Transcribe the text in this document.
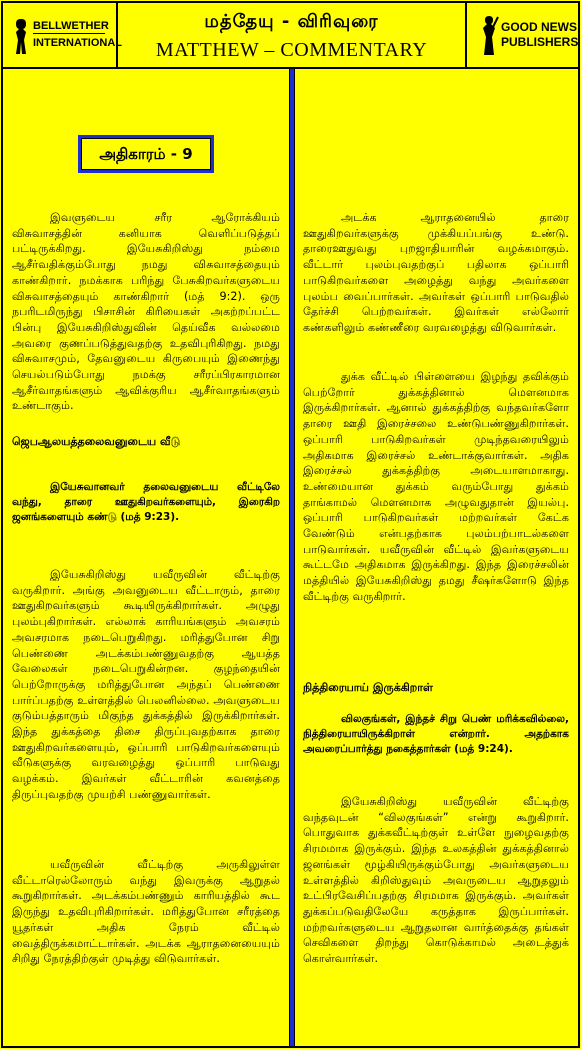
BELLWETHER
INTERNATIONAL
மத்தேயு - விரிவுரை
MATTHEW – COMMENTARY
GOOD NEWS
PUBLISHERS
அதிகாரம் - 9

இவளுடைய சரீர ஆரோக்கியம் விசுவாசத்தின் கனியாக வெளிப்படுத்தப் பட்டிருக்கிறது. இயேசுகிறிஸ்து நம்மை ஆசீர்வதிக்கும்போது நமது விசுவாசத்தையும் காண்கிறார். நமக்காக பரிந்து பேசுகிறவர்களுடைய விசுவாசத்தையும் காண்கிறார் (மத் 9:2). ஒரு நபரிடமிருந்து பிசாசின் கிரியைகள் அகற்றப்பட்ட பின்பு இயேசுகிறிஸ்துவின் தெய்வீக வல்லமை அவரை குணப்படுத்துவதற்கு உதவிபுரிகிறது. நமது விசுவாசமும், தேவனுடைய கிருபையும் இணைந்து செயல்படும்போது நமக்கு சரீரப்பிரகாரமான ஆசீர்வாதங்களும் ஆவிக்குரிய ஆசீர்வாதங்களும் உண்டாகும்.

ஜெபஆலயத்தலைவனுடைய வீடு

இயேசுவானவர் தலைவனுடைய வீட்டிலே வந்து, தாரை ஊதுகிறவர்களையும், இரைகிற ஜனங்களையும் கண்டு (மத் 9:23).

இயேசுகிறிஸ்து யவீருவின் வீட்டிற்கு வருகிறார். அங்கு அவனுடைய வீட்டாரும், தாரை ஊதுகிறவர்களும் கூடியிருக்கிறார்கள். அழுது புலம்புகிறார்கள். எல்லாக் காரியங்களும் அவசரம் அவசரமாக நடைபெறுகிறது. மரித்துபோன சிறு பெண்ணை அடக்கம்பண்ணுவதற்கு ஆயத்த வேலைகள் நடைபெறுகின்றன. குழந்தையின் பெற்றோருக்கு மரித்துபோன அந்தப் பெண்ணை பார்ப்பதற்கு உள்ளத்தில் பெலனில்லை. அவளுடைய குடும்பத்தாரும் மிகுந்த துக்கத்தில் இருக்கிறார்கள். இந்த துக்கத்தை திசை திருப்புவதற்காக தாரை ஊதுகிறவர்களையும், ஒப்பாரி பாடுகிறவர்களையும் வீடுகளுக்கு வரவழைத்து ஒப்பாரி பாடுவது வழக்கம். இவர்கள் வீட்டாரின் கவனத்தை திருப்புவதற்கு முயற்சி பண்ணுவார்கள்.

யவீருவின் வீட்டிற்கு அருகிலுள்ள வீட்டாரெல்லோரும் வந்து இவருக்கு ஆறுதல் கூறுகிறார்கள். அடக்கம்பண்ணும் காரியத்தில் கூட இருந்து உதவிபுரிகிறார்கள். மரித்துபோன சரீரத்தை யூதர்கள் அதிக நேரம் வீட்டில் வைத்திருக்கமாட்டார்கள். அடக்க ஆராதனையையும் சிறிது நேரத்திற்குள் முடித்து விடுவார்கள்.

அடக்க ஆராதனையில் தாரை ஊதுகிறவர்களுக்கு முக்கியப்பங்கு உண்டு. தாரைஊதுவது புறஜாதியாரின் வழக்கமாகும். வீட்டார் புலம்புவதற்குப் பதிலாக ஒப்பாரி பாடுகிறவர்களை அழைத்து வந்து அவர்களை புலம்ப வைப்பார்கள். அவர்கள் ஒப்பாரி பாடுவதில் தேர்ச்சி பெற்றவர்கள். இவர்கள் எல்லோர் கண்களிலும் கண்ணீரை வரவழைத்து விடுவார்கள்.

துக்க வீட்டில் பிள்ளையை இழந்து தவிக்கும் பெற்றோர் துக்கத்தினால் மௌனமாக இருக்கிறார்கள். ஆனால் துக்கத்திற்கு வந்தவர்களோ தாரை ஊதி இரைச்சலை உண்டுபண்ணுகிறார்கள். ஒப்பாரி பாடுகிறவர்கள் முடிந்தவரையிலும் அதிகமாக இரைச்சல் உண்டாக்குவார்கள். அதிக இரைச்சல் துக்கத்திற்கு அடையாளமாகாது. உண்மையான துக்கம் வரும்போது துக்கம் தாங்காமல் மௌனமாக அழுவதுதான் இயல்பு. ஒப்பாரி பாடுகிறவர்கள் மற்றவர்கள் கேட்க வேண்டும் என்பதற்காக புலம்பற்பாடல்களை பாடுவார்கள். யவீருவின் வீட்டில் இவர்களுடைய கூட்டமே அதிகமாக இருக்கிறது. இந்த இரைச்சலின் மத்தியில் இயேசுகிறிஸ்து தமது சீஷர்களோடு இந்த வீட்டிற்கு வருகிறார்.

நித்திரையாய் இருக்கிறாள்

விலகுங்கள், இந்தச் சிறு பெண் மரிக்கவில்லை, நித்திரையாயிருக்கிறாள் என்றார். அதற்காக அவரைப்பார்த்து நகைத்தார்கள் (மத் 9:24).

இயேசுகிறிஸ்து யவீருவின் வீட்டிற்கு வந்தவுடன் “விலகுங்கள்” என்று கூறுகிறார். பொதுவாக துக்கவீட்டிற்குள் உள்ளே நுழைவதற்கு சிரமமாக இருக்கும். இந்த உலகத்தின் துக்கத்தினால் ஜனங்கள் மூழ்கியிருக்கும்போது அவர்களுடைய உள்ளத்தில் கிறிஸ்துவும் அவருடைய ஆறுதலும் உட்பிரவேசிப்பதற்கு சிரமமாக இருக்கும். அவர்கள் துக்கப்படுவதிலேயே கருத்தாக இருப்பார்கள். மற்றவர்களுடைய ஆறுதலான வார்த்தைக்கு தங்கள் செவிகளை திறந்து கொடுக்காமல் அடைத்துக் கொள்வார்கள்.
